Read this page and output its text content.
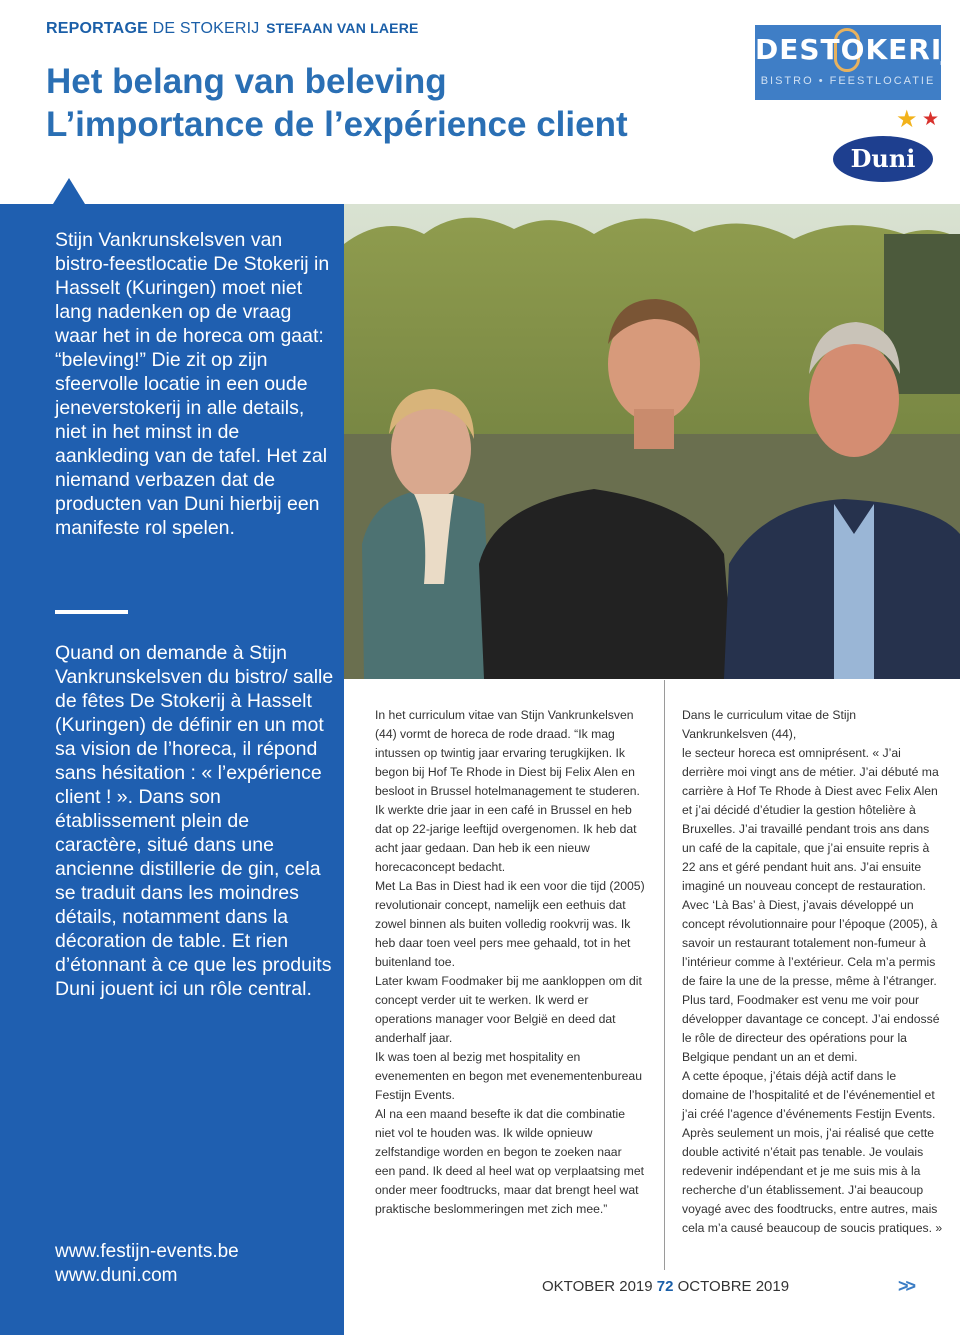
REPORTAGE DE STOKERIJ STEFAAN VAN LAERE
Het belang van beleving
L’importance de l’expérience client
DESTOKERIJ
BISTRO • FEESTLOCATIE
Duni
★ ★
Stijn Vankrunskelsven van bistro-feestlocatie De Stokerij in Hasselt (Kuringen) moet niet lang nadenken op de vraag waar het in de horeca om gaat: “beleving!” Die zit op zijn sfeervolle locatie in een oude jeneverstokerij in alle details, niet in het minst in de aankleding van de tafel. Het zal niemand verbazen dat de producten van Duni hierbij een manifeste rol spelen.
Quand on demande à Stijn Vankrunskelsven du bistro/ salle de fêtes De Stokerij à Hasselt (Kuringen) de définir en un mot sa vision de l’horeca, il répond sans hésitation : « l’expérience client ! ». Dans son établissement plein de caractère, situé dans une ancienne distillerie de gin, cela se traduit dans les moindres détails, notamment dans la décoration de table. Et rien d’étonnant à ce que les produits Duni jouent ici un rôle central.
www.festijn-events.be
www.duni.com

In het curriculum vitae van Stijn Vankrunkelsven (44) vormt de horeca de rode draad. “Ik mag intussen op twintig jaar ervaring terugkijken. Ik begon bij Hof Te Rhode in Diest bij Felix Alen en besloot in Brussel hotelmanagement te studeren. Ik werkte drie jaar in een café in Brussel en heb dat op 22-jarige leeftijd overgenomen. Ik heb dat acht jaar gedaan. Dan heb ik een nieuw horecaconcept bedacht.

Met La Bas in Diest had ik een voor die tijd (2005) revolutionair concept, namelijk een eethuis dat zowel binnen als buiten volledig rookvrij was. Ik heb daar toen veel pers mee gehaald, tot in het buitenland toe.

Later kwam Foodmaker bij me aankloppen om dit concept verder uit te werken. Ik werd er operations manager voor België en deed dat anderhalf jaar.

Ik was toen al bezig met hospitality en evenementen en begon met evenementenbureau Festijn Events.

Al na een maand besefte ik dat die combinatie niet vol te houden was. Ik wilde opnieuw zelfstandige worden en begon te zoeken naar een pand. Ik deed al heel wat op verplaatsing met onder meer foodtrucks, maar dat brengt heel wat praktische beslommeringen met zich mee.”

Dans le curriculum vitae de Stijn Vankrunkelsven (44),

le secteur horeca est omniprésent. « J’ai derrière moi vingt ans de métier. J’ai débuté ma carrière à Hof Te Rhode à Diest avec Felix Alen et j’ai décidé d’étudier la gestion hôtelière à Bruxelles. J’ai travaillé pendant trois ans dans un café de la capitale, que j’ai ensuite repris à 22 ans et géré pendant huit ans. J’ai ensuite imaginé un nouveau concept de restauration.

Avec ‘Là Bas’ à Diest, j’avais développé un concept révolutionnaire pour l’époque (2005), à savoir un restaurant totalement non-fumeur à l’intérieur comme à l’extérieur. Cela m’a permis de faire la une de la presse, même à l’étranger.

Plus tard, Foodmaker est venu me voir pour développer davantage ce concept. J’ai endossé le rôle de directeur des opérations pour la Belgique pendant un an et demi.

A cette époque, j’étais déjà actif dans le domaine de l’hospitalité et de l’événementiel et j’ai créé l’agence d’événements Festijn Events.

Après seulement un mois, j’ai réalisé que cette double activité n’était pas tenable. Je voulais redevenir indépendant et je me suis mis à la recherche d’un établissement. J’ai beaucoup voyagé avec des foodtrucks, entre autres, mais cela m’a causé beaucoup de soucis pratiques. »

OKTOBER 2019 72 OCTOBRE 2019	>>
